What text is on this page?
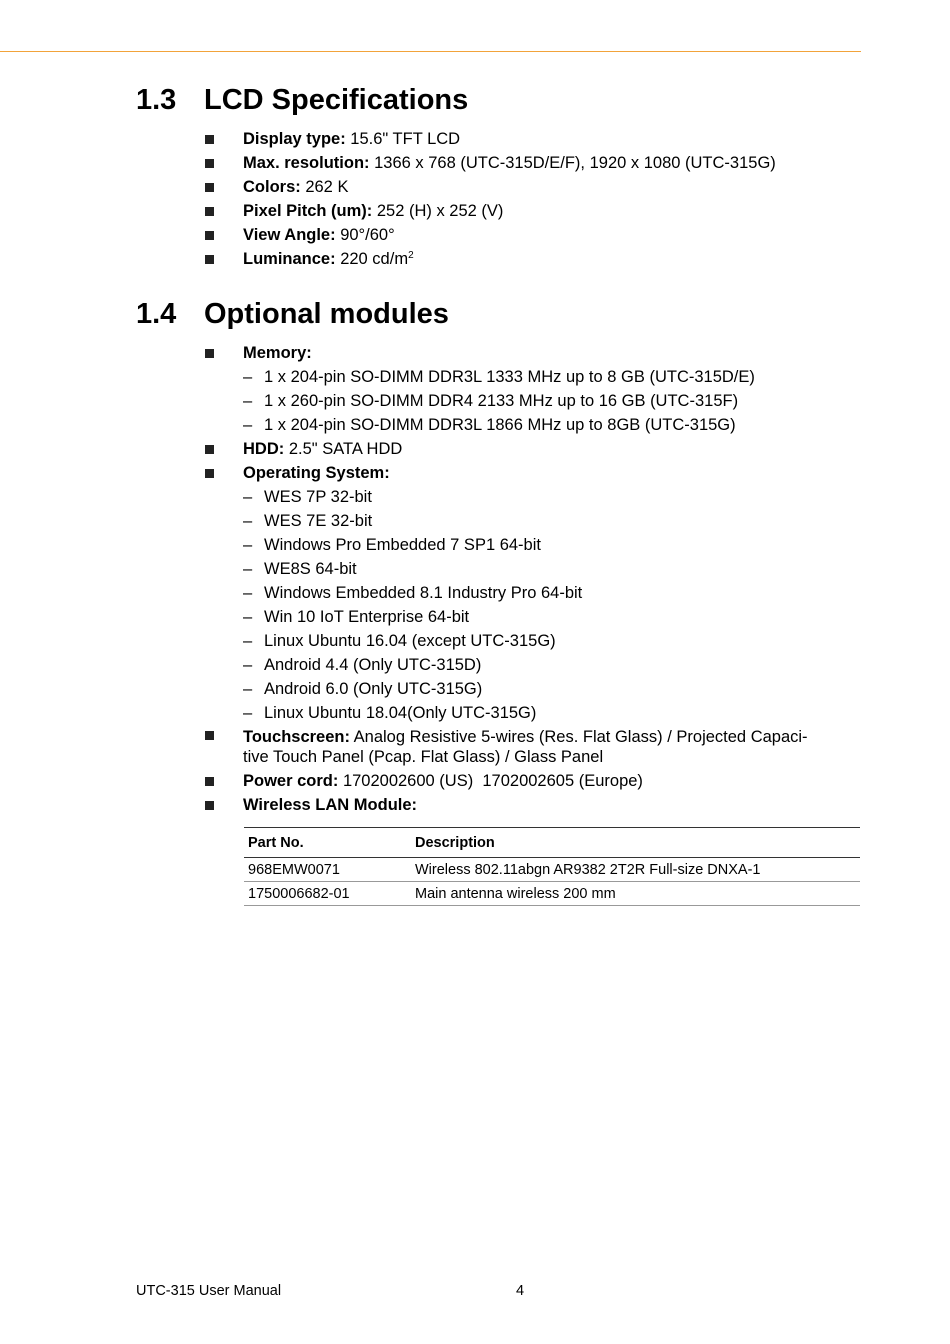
1.3 LCD Specifications
Display type: 15.6" TFT LCD
Max. resolution: 1366 x 768 (UTC-315D/E/F), 1920 x 1080 (UTC-315G)
Colors: 262 K
Pixel Pitch (um): 252 (H) x 252 (V)
View Angle: 90°/60°
Luminance: 220 $cd/m^2$
1.4 Optional modules
Memory:
– 1 x 204-pin SO-DIMM DDR3L 1333 MHz up to 8 GB (UTC-315D/E)
– 1 x 260-pin SO-DIMM DDR4 2133 MHz up to 16 GB (UTC-315F)
– 1 x 204-pin SO-DIMM DDR3L 1866 MHz up to 8GB (UTC-315G)
HDD: 2.5" SATA HDD
Operating System:
– WES 7P 32-bit
– WES 7E 32-bit
– Windows Pro Embedded 7 SP1 64-bit
– WE8S 64-bit
– Windows Embedded 8.1 Industry Pro 64-bit
– Win 10 IoT Enterprise 64-bit
– Linux Ubuntu 16.04 (except UTC-315G)
– Android 4.4 (Only UTC-315D)
– Android 6.0 (Only UTC-315G)
– Linux Ubuntu 18.04(Only UTC-315G)
Touchscreen: Analog Resistive 5-wires (Res. Flat Glass) / Projected Capaci-
tive Touch Panel (Pcap. Flat Glass) / Glass Panel
Power cord: 1702002600 (US)  1702002605 (Europe)
Wireless LAN Module:
Part No.	Description
968EMW0071	Wireless 802.11abgn AR9382 2T2R Full-size DNXA-1
1750006682-01	Main antenna wireless 200 mm
UTC-315 User Manual	4
